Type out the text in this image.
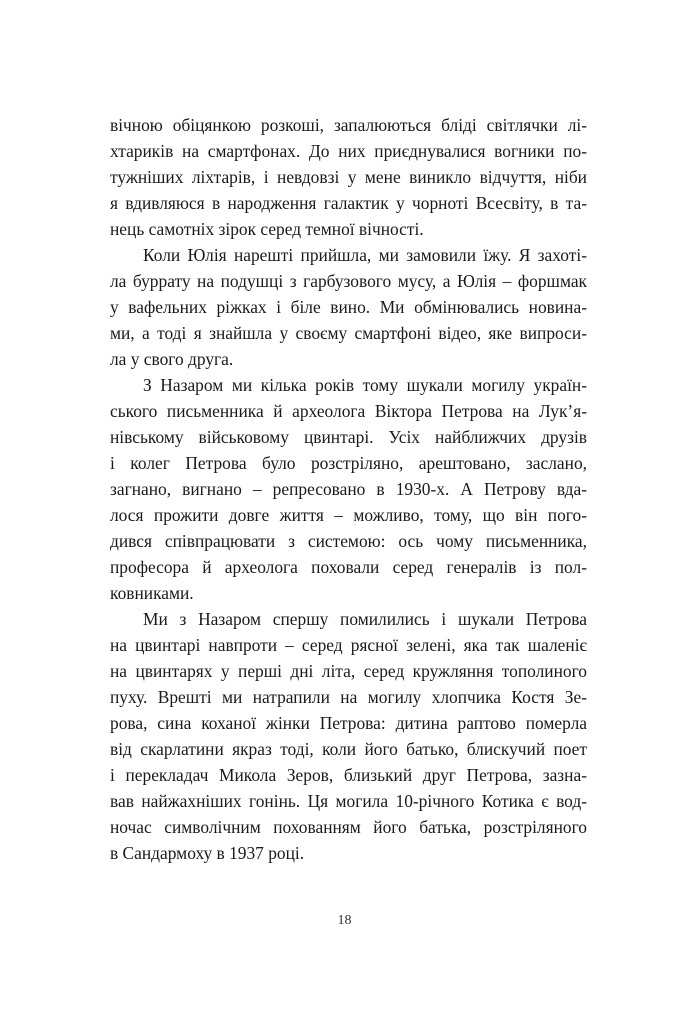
вічною обіцянкою розкоші, запалюються бліді світлячки лі-
хтариків на смартфонах. До них приєднувалися вогники по-
тужніших ліхтарів, і невдовзі у мене виникло відчуття, ніби
я вдивляюся в народження галактик у чорноті Всесвіту, в та-
нець самотніх зірок серед темної вічності.
Коли Юлія нарешті прийшла, ми замовили їжу. Я захоті-
ла буррату на подушці з гарбузового мусу, а Юлія – форшмак
у вафельних ріжках і біле вино. Ми обмінювались новина-
ми, а тоді я знайшла у своєму смартфоні відео, яке випроси-
ла у свого друга.
З Назаром ми кілька років тому шукали могилу україн-
ського письменника й археолога Віктора Петрова на Лук’я-
нівському військовому цвинтарі. Усіх найближчих друзів
і колег Петрова було розстріляно, арештовано, заслано,
загнано, вигнано – репресовано в 1930-х. А Петрову вда-
лося прожити довге життя – можливо, тому, що він пого-
дився співпрацювати з системою: ось чому письменника,
професора й археолога поховали серед генералів із пол-
ковниками.
Ми з Назаром спершу помилились і шукали Петрова
на цвинтарі навпроти – серед рясної зелені, яка так шаленіє
на цвинтарях у перші дні літа, серед кружляння тополиного
пуху. Врешті ми натрапили на могилу хлопчика Костя Зе-
рова, сина коханої жінки Петрова: дитина раптово померла
від скарлатини якраз тоді, коли його батько, блискучий поет
і перекладач Микола Зеров, близький друг Петрова, зазна-
вав найжахніших гонінь. Ця могила 10-річного Котика є вод-
ночас символічним похованням його батька, розстріляного
в Сандармоху в 1937 році.
18
